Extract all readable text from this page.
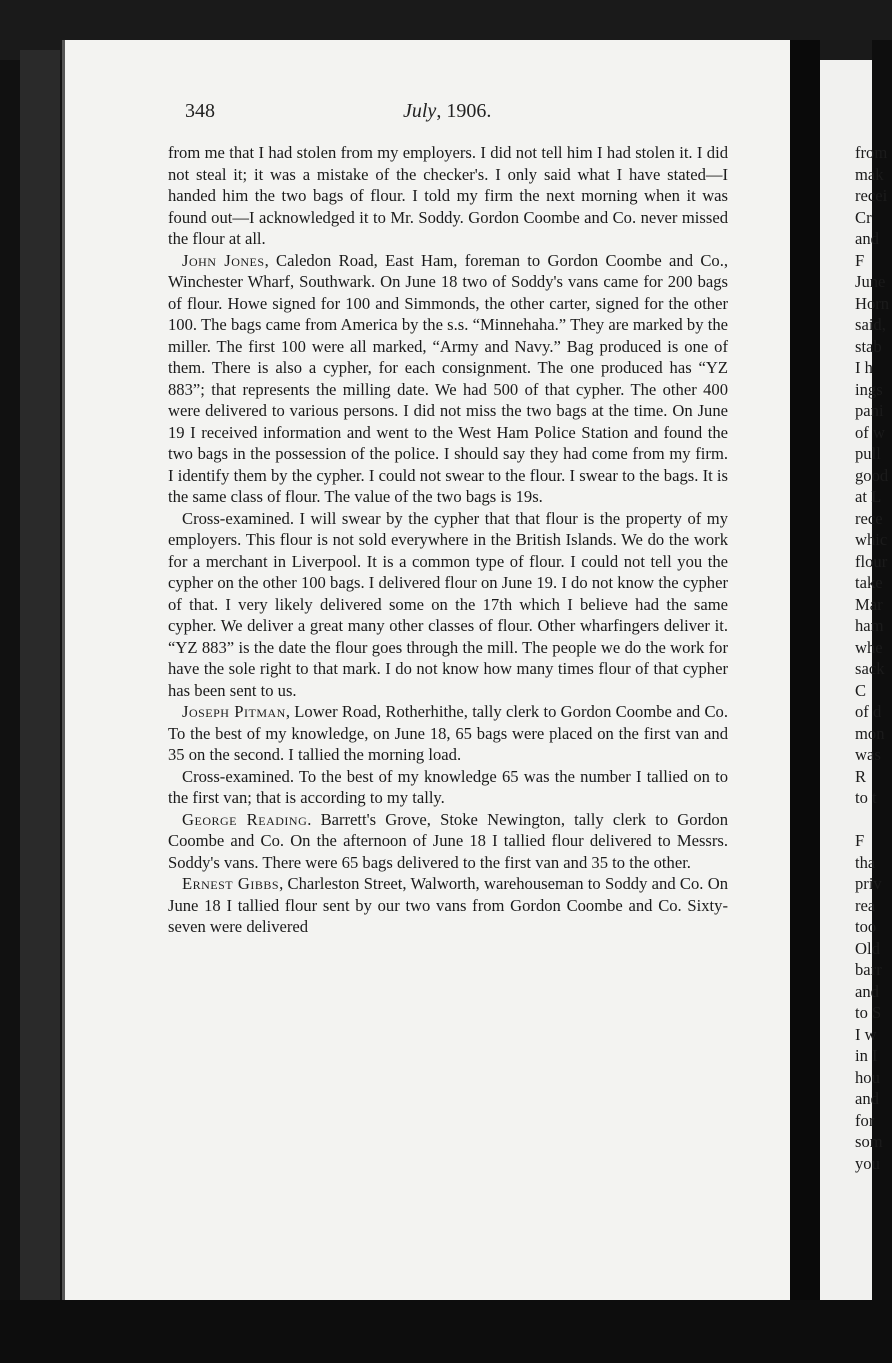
348	July, 1906.

from me that I had stolen from my employers. I did not tell him I had stolen it. I did not steal it; it was a mistake of the checker's. I only said what I have stated—I handed him the two bags of flour. I told my firm the next morning when it was found out—I acknowledged it to Mr. Soddy. Gordon Coombe and Co. never missed the flour at all.

John Jones, Caledon Road, East Ham, foreman to Gordon Coombe and Co., Winchester Wharf, Southwark. On June 18 two of Soddy's vans came for 200 bags of flour. Howe signed for 100 and Simmonds, the other carter, signed for the other 100. The bags came from America by the s.s. “Minnehaha.” They are marked by the miller. The first 100 were all marked, “Army and Navy.” Bag produced is one of them. There is also a cypher, for each consignment. The one produced has “YZ 883”; that represents the milling date. We had 500 of that cypher. The other 400 were delivered to various persons. I did not miss the two bags at the time. On June 19 I received information and went to the West Ham Police Station and found the two bags in the possession of the police. I should say they had come from my firm. I identify them by the cypher. I could not swear to the flour. I swear to the bags. It is the same class of flour. The value of the two bags is 19s.

Cross-examined. I will swear by the cypher that that flour is the property of my employers. This flour is not sold everywhere in the British Islands. We do the work for a merchant in Liverpool. It is a common type of flour. I could not tell you the cypher on the other 100 bags. I delivered flour on June 19. I do not know the cypher of that. I very likely delivered some on the 17th which I believe had the same cypher. We deliver a great many other classes of flour. Other wharfingers deliver it. “YZ 883” is the date the flour goes through the mill. The people we do the work for have the sole right to that mark. I do not know how many times flour of that cypher has been sent to us.

Joseph Pitman, Lower Road, Rotherhithe, tally clerk to Gordon Coombe and Co. To the best of my knowledge, on June 18, 65 bags were placed on the first van and 35 on the second. I tallied the morning load.

Cross-examined. To the best of my knowledge 65 was the number I tallied on to the first van; that is according to my tally.

George Reading. Barrett's Grove, Stoke Newington, tally clerk to Gordon Coombe and Co. On the afternoon of June 18 I tallied flour delivered to Messrs. Soddy's vans. There were 65 bags delivered to the first van and 35 to the other.

Ernest Gibbs, Charleston Street, Walworth, warehouseman to Soddy and Co. On June 18 I tallied flour sent by our two vans from Gordon Coombe and Co. Sixty-seven were delivered

from
mak
recei
Cr
and
F
June
Horn
said,
stab
I h
ings
pani
of w
pull
good
at L
rece
whic
flour
take
Mar
ham
whe
sack
C
of d
mon
was
R
to t
F
tha
priv
rea
too
Old
barr
and
to S
I w
in I
hou
and
for
som
you
